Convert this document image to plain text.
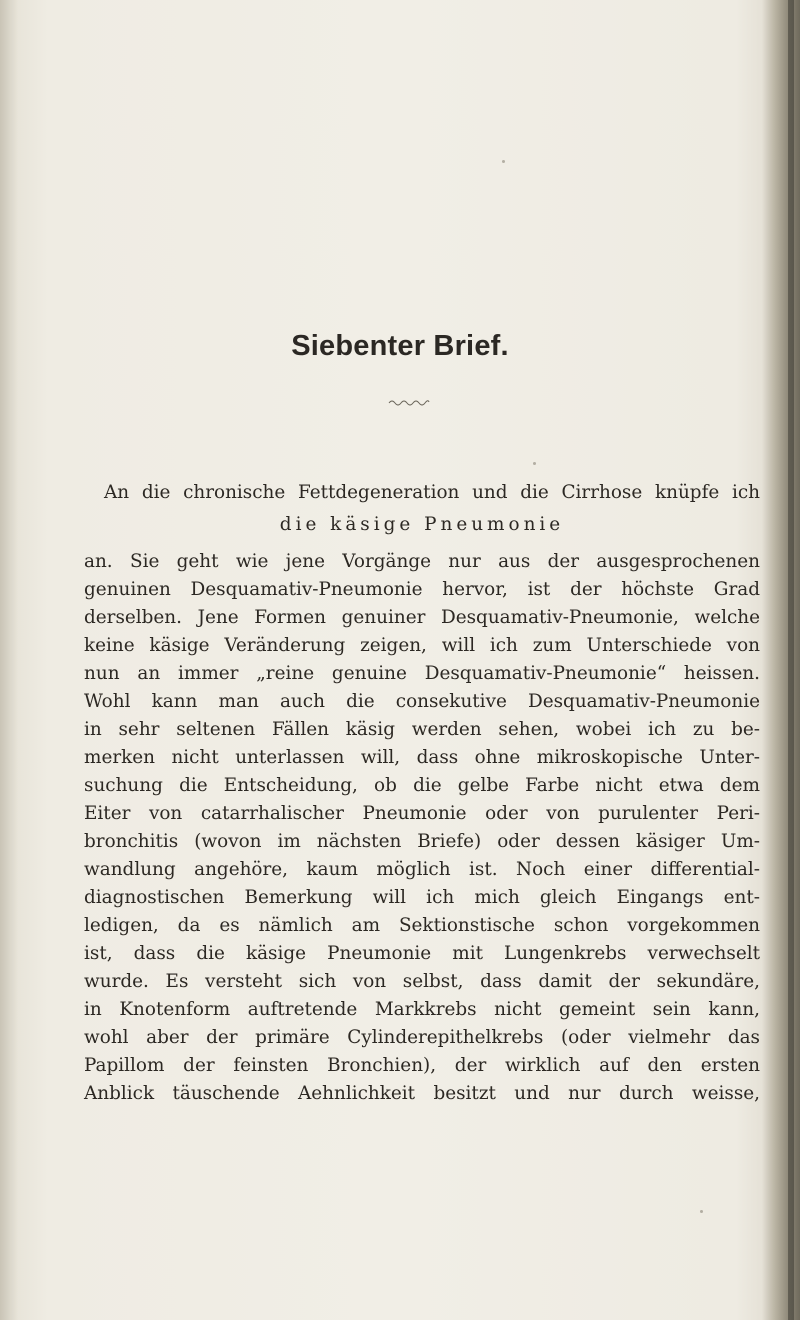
Siebenter Brief.
An die chronische Fettdegeneration und die Cirrhose knüpfe ich
die käsige Pneumonie
an. Sie geht wie jene Vorgänge nur aus der ausgesprochenen
genuinen Desquamativ-Pneumonie hervor, ist der höchste Grad
derselben. Jene Formen genuiner Desquamativ-Pneumonie, welche
keine käsige Veränderung zeigen, will ich zum Unterschiede von
nun an immer „reine genuine Desquamativ-Pneumonie“ heissen.
Wohl kann man auch die consekutive Desquamativ-Pneumonie
in sehr seltenen Fällen käsig werden sehen, wobei ich zu be-
merken nicht unterlassen will, dass ohne mikroskopische Unter-
suchung die Entscheidung, ob die gelbe Farbe nicht etwa dem
Eiter von catarrhalischer Pneumonie oder von purulenter Peri-
bronchitis (wovon im nächsten Briefe) oder dessen käsiger Um-
wandlung angehöre, kaum möglich ist. Noch einer differential-
diagnostischen Bemerkung will ich mich gleich Eingangs ent-
ledigen, da es nämlich am Sektionstische schon vorgekommen
ist, dass die käsige Pneumonie mit Lungenkrebs verwechselt
wurde. Es versteht sich von selbst, dass damit der sekundäre,
in Knotenform auftretende Markkrebs nicht gemeint sein kann,
wohl aber der primäre Cylinderepithelkrebs (oder vielmehr das
Papillom der feinsten Bronchien), der wirklich auf den ersten
Anblick täuschende Aehnlichkeit besitzt und nur durch weisse,
